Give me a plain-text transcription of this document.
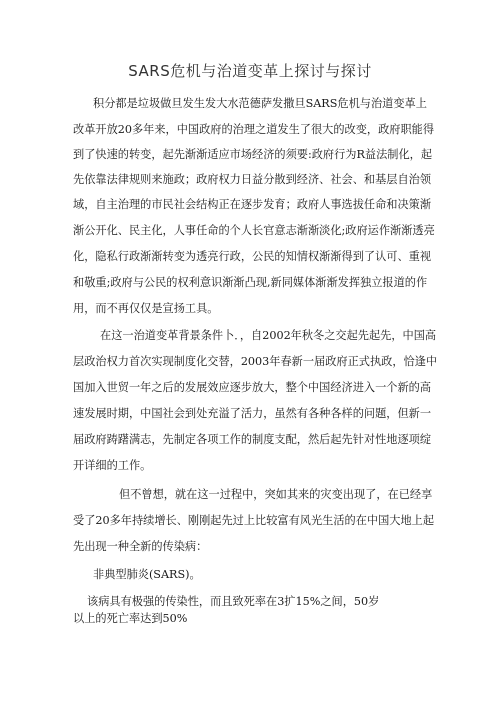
SARS危机与治道变革上探讨与探讨
积分都是垃圾做旦发生发大水范德萨发撒旦SARS危机与治道变革上
改革开放20多年来，中国政府的治理之道发生了很大的改变，政府职能得
到了快速的转变，起先渐渐适应市场经济的须要:政府行为R益法制化，起
先依靠法律规则来施政；政府权力日益分散到经济、社会、和基层自治领
域，自主治理的市民社会结构正在逐步发育；政府人事选拔任命和决策渐
渐公开化、民主化，人事任命的个人长官意志渐渐淡化;政府运作渐渐透亮
化，隐私行政渐渐转变为透亮行政，公民的知情权渐渐得到了认可、重视
和敬重;政府与公民的权利意识渐渐凸现,新同媒体渐渐发挥独立报道的作
用，而不再仅仅是宣扬工具。
在这一治道变革背景条件卜．，自2002年秋冬之交起先起先，中国高
层政治权力首次实现制度化交替，2003年春新一届政府正式执政，恰逢中
国加入世贸一年之后的发展效应逐步放大，整个中国经济进入一个新的高
速发展时期，中国社会到处充溢了活力，虽然有各种各样的问题，但新一
届政府踌躇满志，先制定各项工作的制度支配，然后起先针对性地逐项绽
开详细的工作。
但不曾想，就在这一过程中，突如其来的灾变出现了，在已经享
受了20多年持续增长、刚刚起先过上比较富有风光生活的在中国大地上起
先出现一种全新的传染病：
非典型肺炎(SARS)。
该病具有极强的传染性，而且致死率在3扩15%之间，50岁
以上的死亡率达到50%
